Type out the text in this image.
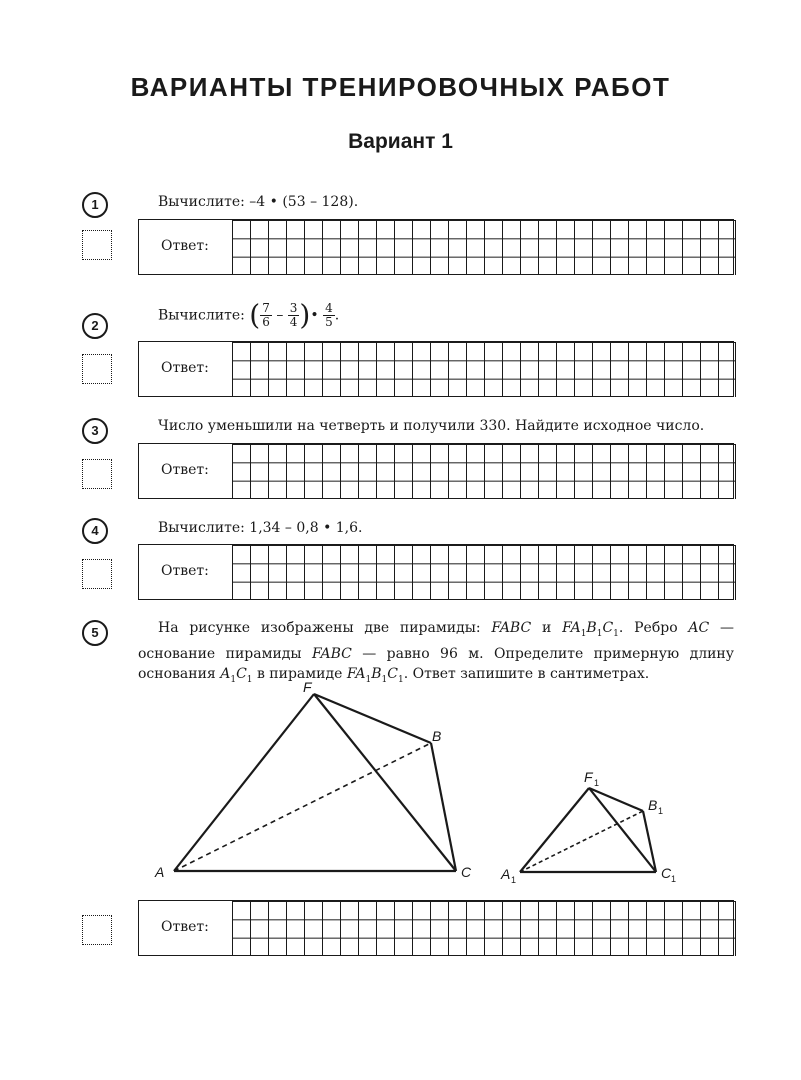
ВАРИАНТЫ ТРЕНИРОВОЧНЫХ РАБОТ
Вариант 1
1	Вычислите: –4 • (53 – 128).
Ответ:
2
Вычислите: ( $\frac{7}{6} - \frac{3}{4}$ )• $\frac{4}{5}$ .
Ответ:
3	Число уменьшили на четверть и получили 330. Найдите исходное число.
Ответ:
4	Вычислите: 1,34 – 0,8 • 1,6.
Ответ:
5	На рисунке изображены две пирамиды: FABC и $FA_1B_1C_1$. Ребро AC — основание пирамиды FABC — равно 96 м. Определите примерную длину основания $A_1C_1$ в пирамиде $FA_1B_1C_1$. Ответ запишите в сантиметрах.
F
B
A	C
F 1
B 1
A 1	C 1
Ответ:
